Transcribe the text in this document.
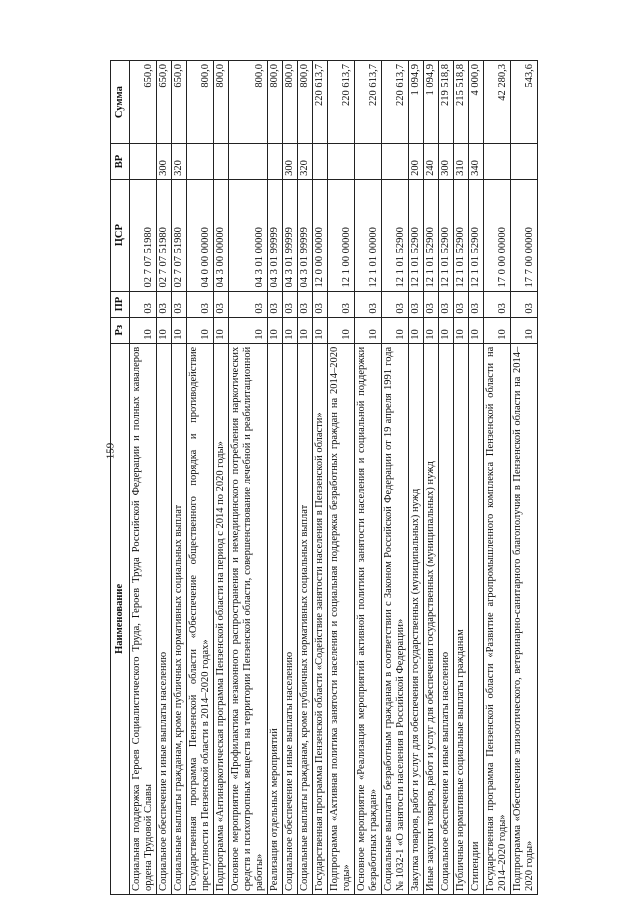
159
Наименование	Рз	ПР	ЦСР	ВР	Сумма
Социальная поддержка Героев Социалистического Труда, Героев Труда Российской Федерации и полных кавалеров ордена Трудовой Славы	10	03	02 7 07 51980		650,0
Социальное обеспечение и иные выплаты населению	10	03	02 7 07 51980	300	650,0
Социальные выплаты гражданам, кроме публичных нормативных социальных выплат	10	03	02 7 07 51980	320	650,0
Государственная программа Пензенской области «Обеспечение общественного порядка и противодействие преступности в Пензенской области в 2014–2020 годах»	10	03	04 0 00 00000		800,0
Подпрограмма «Антинаркотическая программа Пензенской области на период с 2014 по 2020 годы»	10	03	04 3 00 00000		800,0
Основное мероприятие «Профилактика незаконного распространения и немедицинского потребления наркотических средств и психотропных веществ на территории Пензенской области, совершенствование лечебной и реабилитационной работы»	10	03	04 3 01 00000		800,0
Реализация отдельных мероприятий	10	03	04 3 01 99999		800,0
Социальное обеспечение и иные выплаты населению	10	03	04 3 01 99999	300	800,0
Социальные выплаты гражданам, кроме публичных нормативных социальных выплат	10	03	04 3 01 99999	320	800,0
Государственная программа Пензенской области «Содействие занятости населения в Пензенской области»	10	03	12 0 00 00000		220 613,7
Подпрограмма «Активная политика занятости населения и социальная поддержка безработных граждан на 2014–2020 годы»	10	03	12 1 00 00000		220 613,7
Основное мероприятие «Реализация мероприятий активной политики занятости населения и социальной поддержки безработных граждан»	10	03	12 1 01 00000		220 613,7
Социальные выплаты безработным гражданам в соответствии с Законом Российской Федерации от 19 апреля 1991 года № 1032-1 «О занятости населения в Российской Федерации»	10	03	12 1 01 52900		220 613,7
Закупка товаров, работ и услуг для обеспечения государственных (муниципальных) нужд	10	03	12 1 01 52900	200	1 094,9
Иные закупки товаров, работ и услуг для обеспечения государственных (муниципальных) нужд	10	03	12 1 01 52900	240	1 094,9
Социальное обеспечение и иные выплаты населению	10	03	12 1 01 52900	300	219 518,8
Публичные нормативные социальные выплаты гражданам	10	03	12 1 01 52900	310	215 518,8
Стипендии	10	03	12 1 01 52900	340	4 000,0
Государственная программа Пензенской области «Развитие агропромышленного комплекса Пензенской области на 2014–2020 годы»	10	03	17 0 00 00000		42 280,3
Подпрограмма «Обеспечение эпизоотического, ветеринарно-санитарного благополучия в Пензенской области на 2014–2020 годы»	10	03	17 7 00 00000		543,6
